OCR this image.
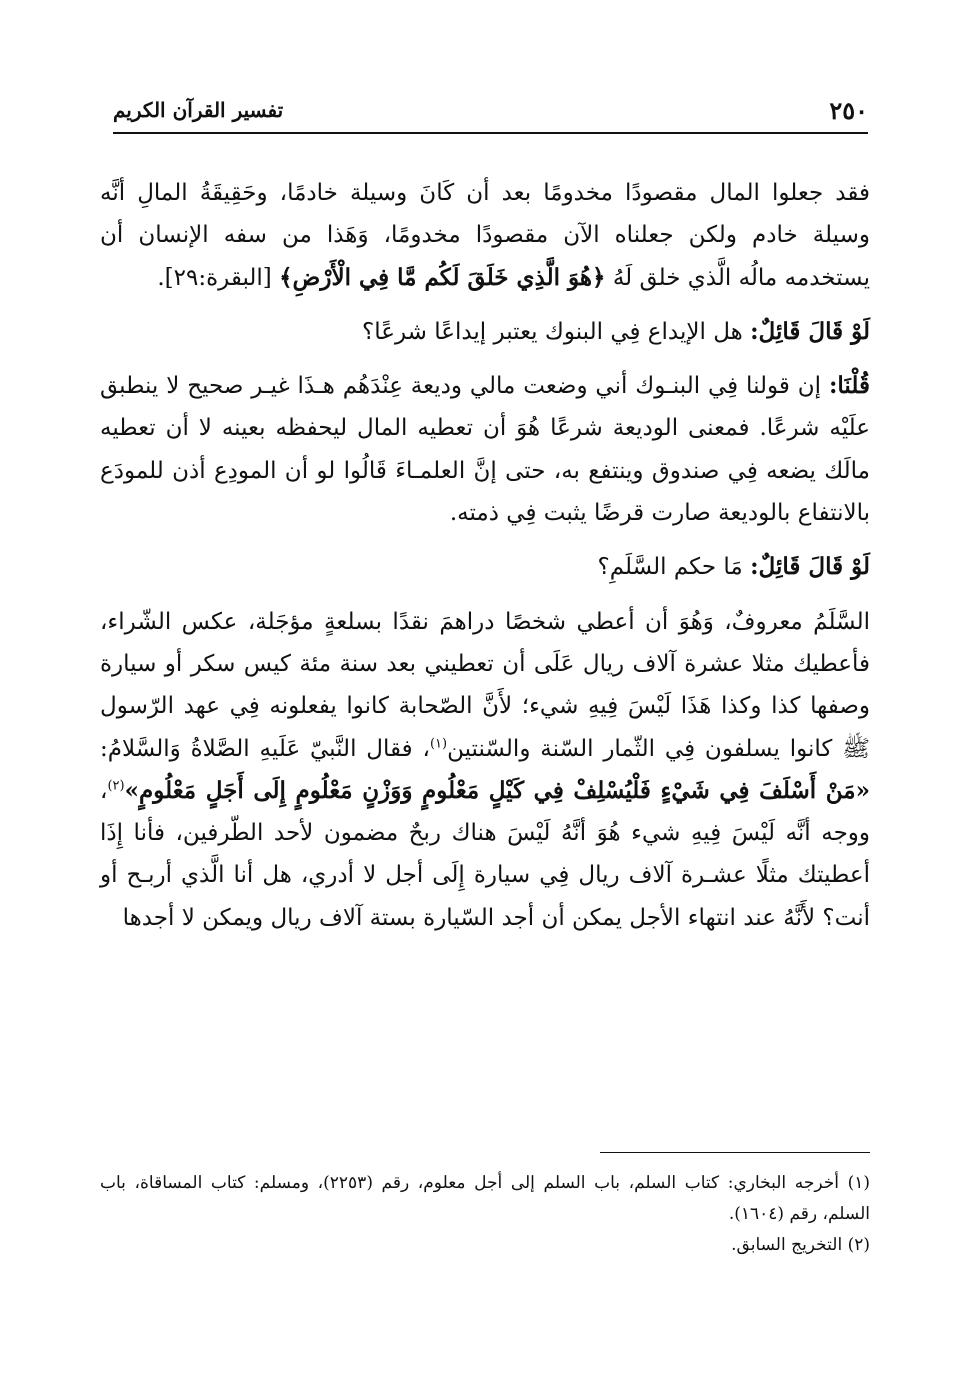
٢٥٠
تفسير القرآن الكريم

فقد جعلوا المال مقصودًا مخدومًا بعد أن كَانَ وسيلة خادمًا، وحَقِيقَةُ المالِ أنَّه وسيلة خادم ولكن جعلناه الآن مقصودًا مخدومًا، وَهَذا من سفه الإنسان أن يستخدمه مالُه الَّذي خلق لَهُ ﴿هُوَ الَّذِي خَلَقَ لَكُم مَّا فِي الْأَرْضِ﴾ [البقرة:٢٩].

لَوْ قَالَ قَائِلٌ: هل الإيداع فِي البنوك يعتبر إيداعًا شرعًا؟

قُلْنَا: إن قولنا فِي البنـوك أني وضعت مالي وديعة عِنْدَهُم هـذَا غيـر صحيح لا ينطبق علَيْه شرعًا. فمعنى الوديعة شرعًا هُوَ أن تعطيه المال ليحفظه بعينه لا أن تعطيه مالَك يضعه فِي صندوق وينتفع به، حتى إنَّ العلمـاءَ قَالُوا لو أن المودِع أذن للمودَع بالانتفاع بالوديعة صارت قرضًا يثبت فِي ذمته.

لَوْ قَالَ قَائِلٌ: مَا حكم السَّلَمِ؟

السَّلَمُ معروفٌ، وَهُوَ أن أعطي شخصًا دراهمَ نقدًا بسلعةٍ مؤجَلة، عكس الشّراء، فأعطيك مثلا عشرة آلاف ريال عَلَى أن تعطيني بعد سنة مئة كيس سكر أو سيارة وصفها كذا وكذا هَذَا لَيْسَ فِيهِ شيء؛ لأَنَّ الصّحابة كانوا يفعلونه فِي عهد الرّسول ﷺ كانوا يسلفون فِي الثّمار السّنة والسّنتين$^{(١)}$، فقال النَّبيّ عَلَيهِ الصَّلاةُ وَالسَّلامُ: «مَنْ أَسْلَفَ فِي شَيْءٍ فَلْيُسْلِفْ فِي كَيْلٍ مَعْلُومٍ وَوَزْنٍ مَعْلُومٍ إِلَى أَجَلٍ مَعْلُومٍ»$^{(٢)}$، ووجه أنَّه لَيْسَ فِيهِ شيء هُوَ أنَّهُ لَيْسَ هناك ربحٌ مضمون لأحد الطّرفين، فأنا إِذَا أعطيتك مثلًا عشـرة آلاف ريال فِي سيارة إِلَى أجل لا أدري، هل أنا الَّذي أربـح أو أنت؟ لأَنَّهُ عند انتهاء الأجل يمكن أن أجد السّيارة بستة آلاف ريال ويمكن لا أجدها

(١) أخرجه البخاري: كتاب السلم، باب السلم إلى أجل معلوم، رقم (٢٢٥٣)، ومسلم: كتاب المساقاة، باب السلم، رقم (١٦٠٤).

(٢) التخريج السابق.
